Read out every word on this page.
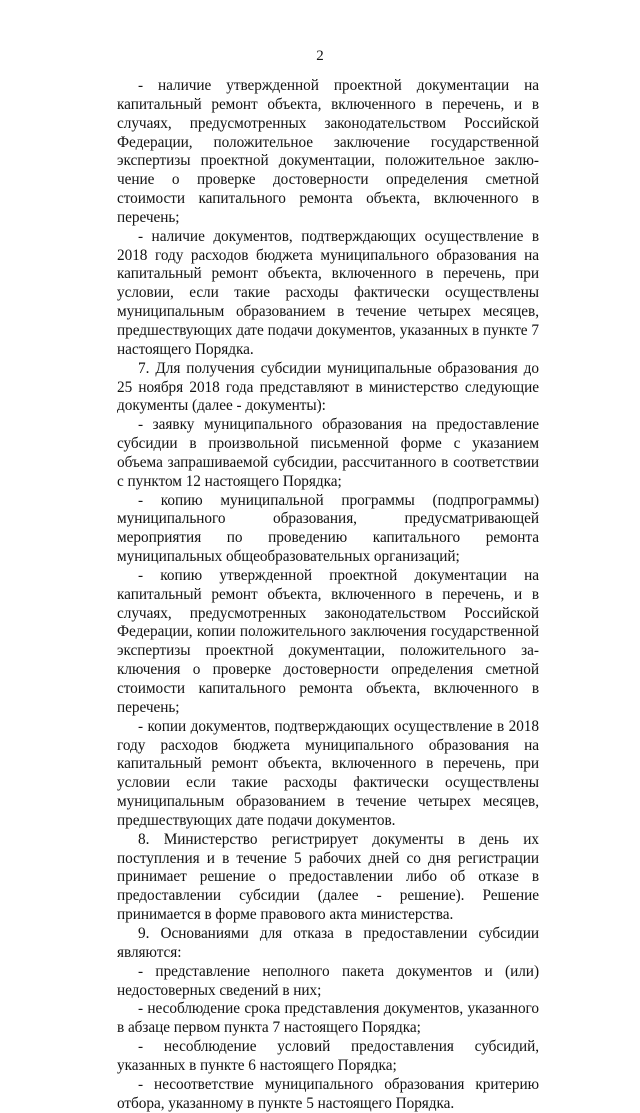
2

- наличие утвержденной проектной документации на капитальный ремонт объекта, включенного в перечень, и в случаях, предусмотренных законодательством Российской Федерации, положительное заключение государственной экспертизы проектной документации, положительное заключение о проверке достоверности определения сметной стоимости капитального ремонта объекта, включенного в перечень;

- наличие документов, подтверждающих осуществление в 2018 году расходов бюджета муниципального образования на капитальный ремонт объекта, включенного в перечень, при условии, если такие расходы фактически осуществлены муниципальным образованием в течение четырех месяцев, предшествующих дате подачи документов, указанных в пункте 7 настоящего Порядка.

7. Для получения субсидии муниципальные образования до 25 ноября 2018 года представляют в министерство следующие документы (далее - документы):

- заявку муниципального образования на предоставление субсидии в произвольной письменной форме с указанием объема запрашиваемой субсидии, рассчитанного в соответствии с пунктом 12 настоящего Порядка;

- копию муниципальной программы (подпрограммы) муниципального образования, предусматривающей мероприятия по проведению капитального ремонта муниципальных общеобразовательных организаций;

- копию утвержденной проектной документации на капитальный ремонт объекта, включенного в перечень, и в случаях, предусмотренных законодательством Российской Федерации, копии положительного заключения государственной экспертизы проектной документации, положительного заключения о проверке достоверности определения сметной стоимости капитального ремонта объекта, включенного в перечень;

- копии документов, подтверждающих осуществление в 2018 году расходов бюджета муниципального образования на капитальный ремонт объекта, включенного в перечень, при условии если такие расходы фактически осуществлены муниципальным образованием в течение четырех месяцев, предшествующих дате подачи документов.

8. Министерство регистрирует документы в день их поступления и в течение 5 рабочих дней со дня регистрации принимает решение о предоставлении либо об отказе в предоставлении субсидии (далее - решение). Решение принимается в форме правового акта министерства.

9. Основаниями для отказа в предоставлении субсидии являются:

- представление неполного пакета документов и (или) недостоверных сведений в них;

- несоблюдение срока представления документов, указанного в абзаце первом пункта 7 настоящего Порядка;

- несоблюдение условий предоставления субсидий, указанных в пункте 6 настоящего Порядка;

- несоответствие муниципального образования критерию отбора, указанному в пункте 5 настоящего Порядка.
